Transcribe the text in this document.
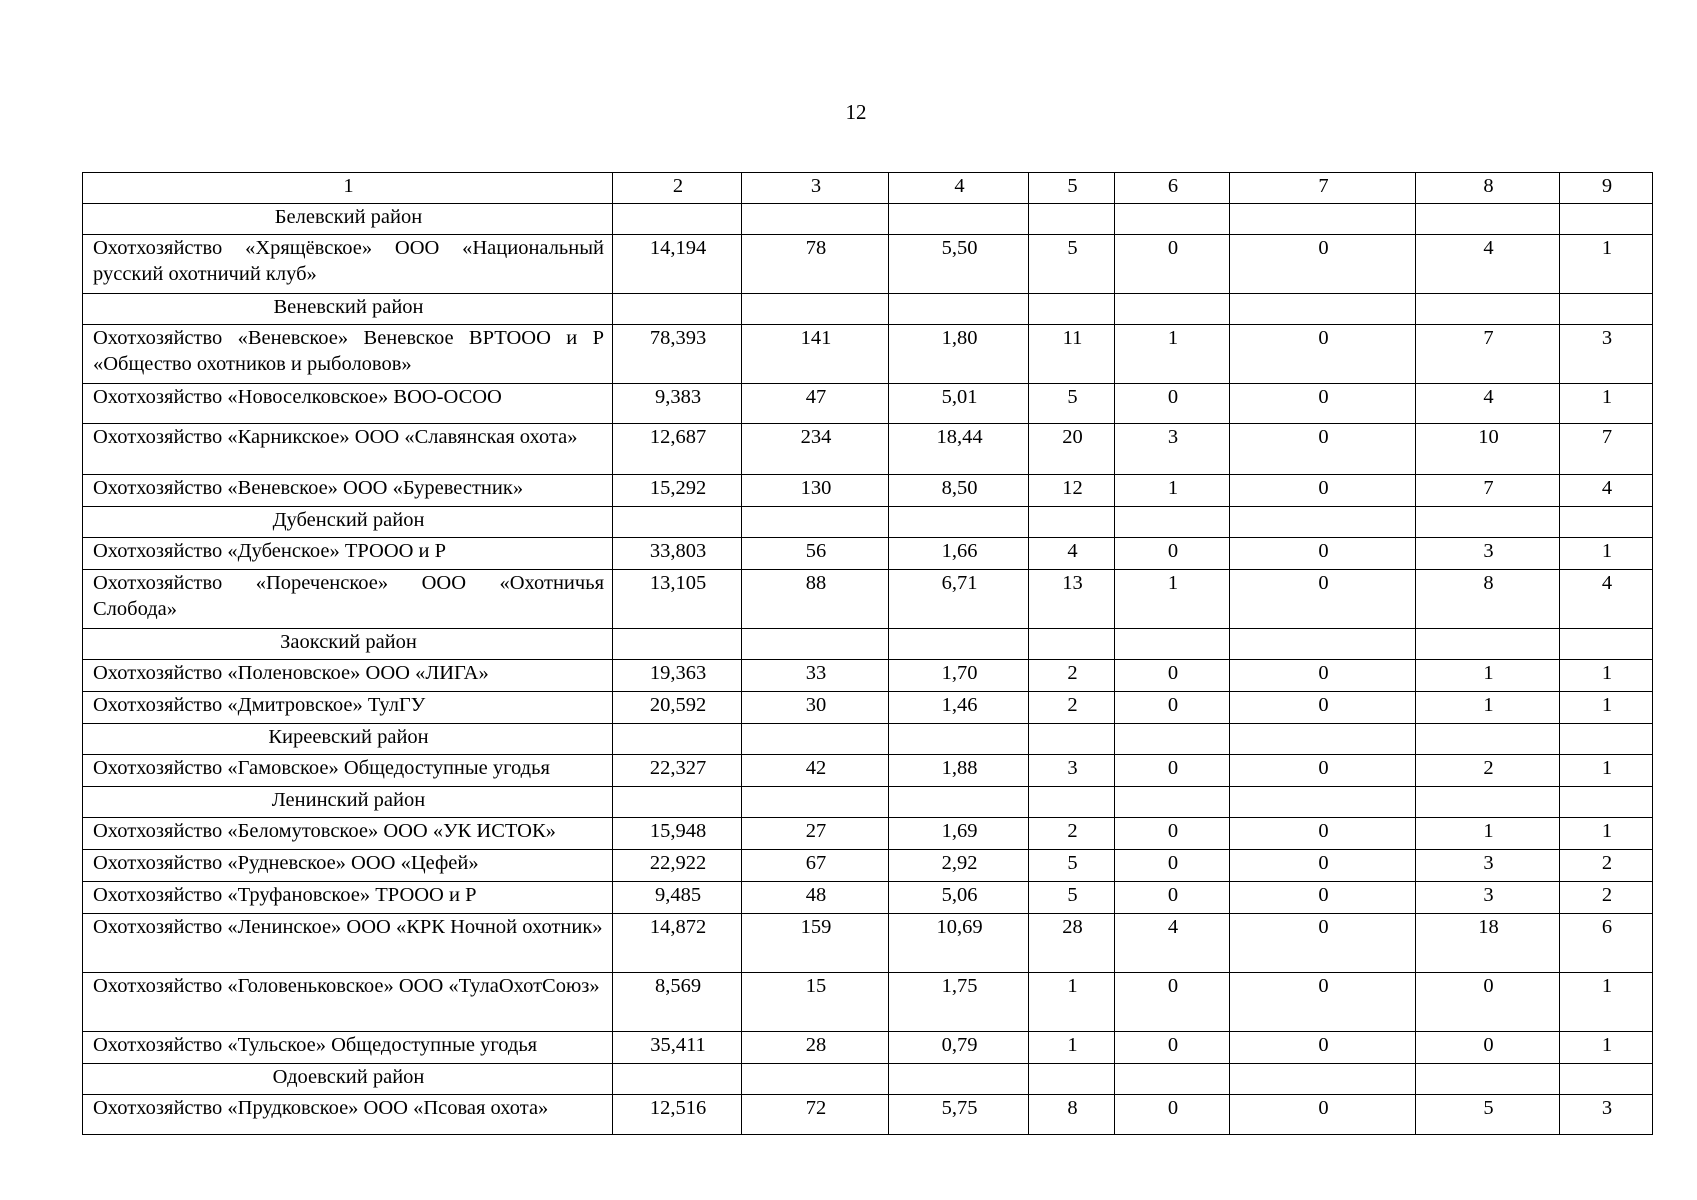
12
1	2	3	4	5	6	7	8	9
Белевский район								
Охотхозяйство «Хрящёвское» ООО «Национальный русский охотничий клуб»	14,194	78	5,50	5	0	0	4	1
Веневский район								
Охотхозяйство «Веневское» Веневское ВРТООО и Р «Общество охотников и рыболовов»	78,393	141	1,80	11	1	0	7	3
Охотхозяйство «Новоселковское» ВОО-ОСОО	9,383	47	5,01	5	0	0	4	1
Охотхозяйство «Карникское» ООО «Славянская охота»	12,687	234	18,44	20	3	0	10	7
Охотхозяйство «Веневское» ООО «Буревестник»	15,292	130	8,50	12	1	0	7	4
Дубенский район								
Охотхозяйство «Дубенское» ТРООО и Р	33,803	56	1,66	4	0	0	3	1
Охотхозяйство «Пореченское» ООО «Охотничья Слобода»	13,105	88	6,71	13	1	0	8	4
Заокский район								
Охотхозяйство «Поленовское» ООО «ЛИГА»	19,363	33	1,70	2	0	0	1	1
Охотхозяйство «Дмитровское» ТулГУ	20,592	30	1,46	2	0	0	1	1
Киреевский район								
Охотхозяйство «Гамовское» Общедоступные угодья	22,327	42	1,88	3	0	0	2	1
Ленинский район								
Охотхозяйство «Беломутовское» ООО «УК ИСТОК»	15,948	27	1,69	2	0	0	1	1
Охотхозяйство «Рудневское» ООО «Цефей»	22,922	67	2,92	5	0	0	3	2
Охотхозяйство «Труфановское» ТРООО и Р	9,485	48	5,06	5	0	0	3	2
Охотхозяйство «Ленинское» ООО «КРК Ночной охотник»	14,872	159	10,69	28	4	0	18	6
Охотхозяйство «Головеньковское» ООО «ТулаОхотСоюз»	8,569	15	1,75	1	0	0	0	1
Охотхозяйство «Тульское» Общедоступные угодья	35,411	28	0,79	1	0	0	0	1
Одоевский район								
Охотхозяйство «Прудковское» ООО «Псовая охота»	12,516	72	5,75	8	0	0	5	3
